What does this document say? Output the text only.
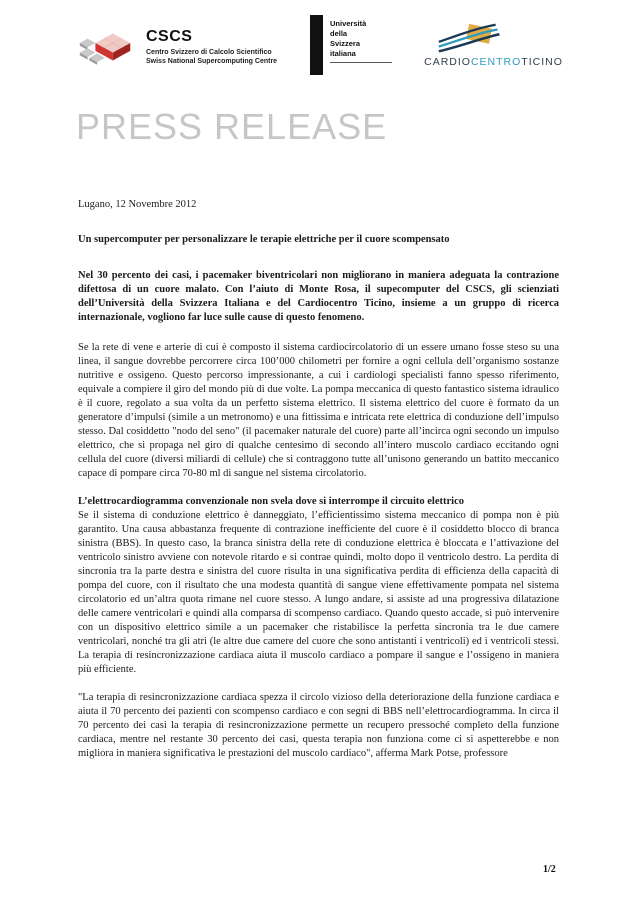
CSCS
Centro Svizzero di Calcolo Scientifico
Swiss National Supercomputing Centre
Università
della
Svizzera
italiana
CARDIOCENTROTICINO
PRESS RELEASE
Lugano, 12 Novembre 2012
Un supercomputer per personalizzare le terapie elettriche per il cuore scompensato
Nel 30 percento dei casi, i pacemaker biventricolari non migliorano in maniera adeguata la contrazione difettosa di un cuore malato. Con l’aiuto di Monte Rosa, il supecomputer del CSCS, gli scienziati dell’Università della Svizzera Italiana e del Cardiocentro Ticino, insieme a un gruppo di ricerca internazionale, vogliono far luce sulle cause di questo fenomeno.
Se la rete di vene e arterie di cui è composto il sistema cardiocircolatorio di un essere umano fosse steso su una linea, il sangue dovrebbe percorrere circa 100’000 chilometri per fornire a ogni cellula dell’organismo sostanze nutritive e ossigeno. Questo percorso impressionante, a cui i cardiologi specialisti fanno spesso riferimento, equivale a compiere il giro del mondo più di due volte. La pompa meccanica di questo fantastico sistema idraulico è il cuore, regolato a sua volta da un perfetto sistema elettrico. Il sistema elettrico del cuore è formato da un generatore d’impulsi (simile a un metronomo) e una fittissima e intricata rete elettrica di conduzione dell’impulso stesso. Dal cosiddetto "nodo del seno" (il pacemaker naturale del cuore) parte all’incirca ogni secondo un impulso elettrico, che si propaga nel giro di qualche centesimo di secondo all’intero muscolo cardiaco eccitando ogni cellula del cuore (diversi miliardi di cellule) che si contraggono tutte all’unisono generando un battito meccanico capace di pompare circa 70-80 ml di sangue nel sistema circolatorio.
L’elettrocardiogramma convenzionale non svela dove si interrompe il circuito elettrico
Se il sistema di conduzione elettrico è danneggiato, l’efficientissimo sistema meccanico di pompa non è più garantito. Una causa abbastanza frequente di contrazione inefficiente del cuore è il cosiddetto blocco di branca sinistra (BBS). In questo caso, la branca sinistra della rete di conduzione elettrica è bloccata e l’attivazione del ventricolo sinistro avviene con notevole ritardo e si contrae quindi, molto dopo il ventricolo destro. La perdita di sincronia tra la parte destra e sinistra del cuore risulta in una significativa perdita di efficienza della capacità di pompa del cuore, con il risultato che una modesta quantità di sangue viene effettivamente pompata nel sistema circolatorio ed un’altra quota rimane nel cuore stesso. A lungo andare, si assiste ad una progressiva dilatazione delle camere ventricolari e quindi alla comparsa di scompenso cardiaco. Quando questo accade, si può intervenire con un dispositivo elettrico simile a un pacemaker che ristabilisce la perfetta sincronia tra le due camere ventricolari, nonché tra gli atri (le altre due camere del cuore che sono antistanti i ventricoli) ed i ventricoli stessi. La terapia di resincronizzazione cardiaca aiuta il muscolo cardiaco a pompare il sangue e l’ossigeno in maniera più efficiente.
"La terapia di resincronizzazione cardiaca spezza il circolo vizioso della deteriorazione della funzione cardiaca e aiuta il 70 percento dei pazienti con scompenso cardiaco e con segni di BBS nell’elettrocardiogramma. In circa il 70 percento dei casi la terapia di resincronizzazione permette un recupero pressoché completo della funzione cardiaca, mentre nel restante 30 percento dei casi, questa terapia non funziona come ci si aspetterebbe e non migliora in maniera significativa le prestazioni del muscolo cardiaco", afferma Mark Potse, professore
1/2
